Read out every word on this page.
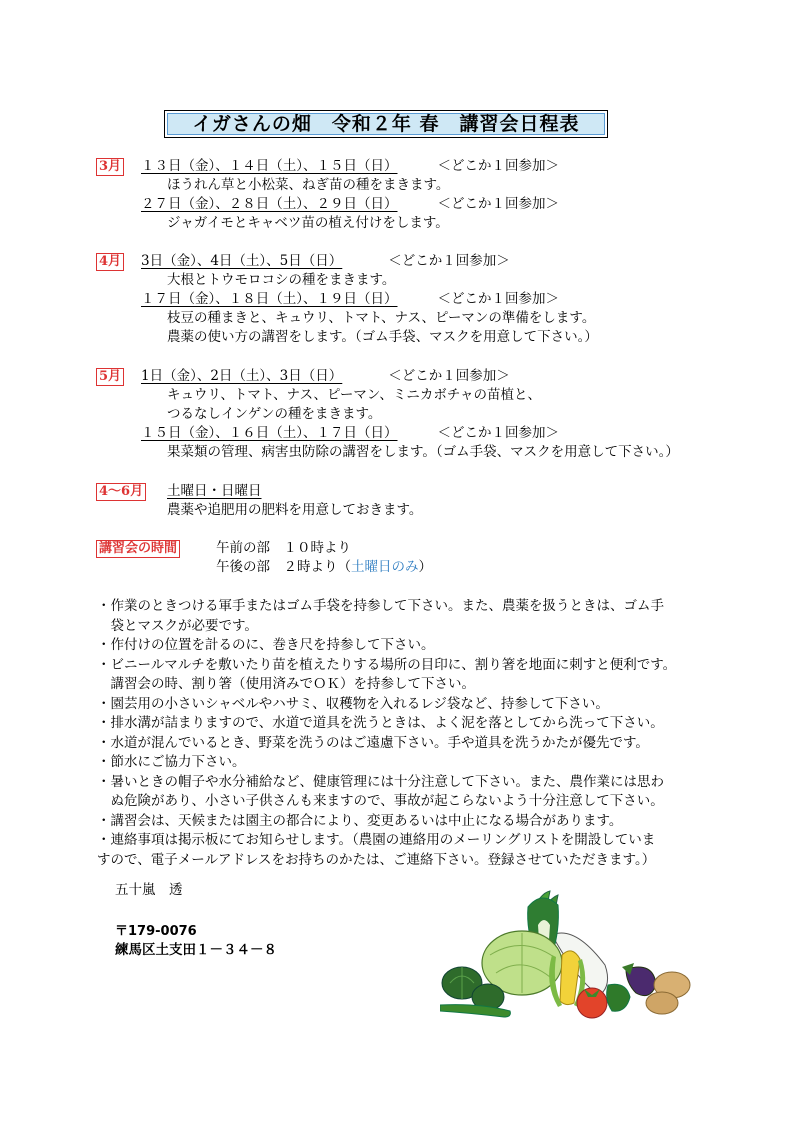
イガさんの畑　令和２年 春　講習会日程表
3月 １３日（金）、１４日（土）、１５日（日）	＜どこか１回参加＞
ほうれん草と小松菜、ねぎ苗の種をまきます。
２７日（金）、２８日（土）、２９日（日）	＜どこか１回参加＞
ジャガイモとキャベツ苗の植え付けをします。
4月 3日（金）、4日（土）、5日（日）	＜どこか１回参加＞
大根とトウモロコシの種をまきます。
１７日（金）、１８日（土）、１９日（日）	＜どこか１回参加＞
枝豆の種まきと、キュウリ、トマト、ナス、ピーマンの準備をします。
農薬の使い方の講習をします。（ゴム手袋、マスクを用意して下さい。）
5月 1日（金）、2日（土）、3日（日）	＜どこか１回参加＞
キュウリ、トマト、ナス、ピーマン、ミニカボチャの苗植と、
つるなしインゲンの種をまきます。
１５日（金）、１６日（土）、１７日（日）	＜どこか１回参加＞
果菜類の管理、病害虫防除の講習をします。（ゴム手袋、マスクを用意して下さい。）
4～6月 土曜日・日曜日
農薬や追肥用の肥料を用意しておきます。
講習会の時間	午前の部　１０時より
午後の部　２時より（土曜日のみ）
・作業のときつける軍手またはゴム手袋を持参して下さい。また、農薬を扱うときは、ゴム手
　袋とマスクが必要です。
・作付けの位置を計るのに、巻き尺を持参して下さい。
・ビニールマルチを敷いたり苗を植えたりする場所の目印に、割り箸を地面に刺すと便利です。
　講習会の時、割り箸（使用済みでＯＫ）を持参して下さい。
・園芸用の小さいシャベルやハサミ、収穫物を入れるレジ袋など、持参して下さい。
・排水溝が詰まりますので、水道で道具を洗うときは、よく泥を落としてから洗って下さい。
・水道が混んでいるとき、野菜を洗うのはご遠慮下さい。手や道具を洗うかたが優先です。
・節水にご協力下さい。
・暑いときの帽子や水分補給など、健康管理には十分注意して下さい。また、農作業には思わ
　ぬ危険があり、小さい子供さんも来ますので、事故が起こらないよう十分注意して下さい。
・講習会は、天候または園主の都合により、変更あるいは中止になる場合があります。
・連絡事項は掲示板にてお知らせします。（農園の連絡用のメーリングリストを開設していま
すので、電子メールアドレスをお持ちのかたは、ご連絡下さい。登録させていただきます。）
五十嵐　透
〒179-0076
練馬区土支田１－３４－８
